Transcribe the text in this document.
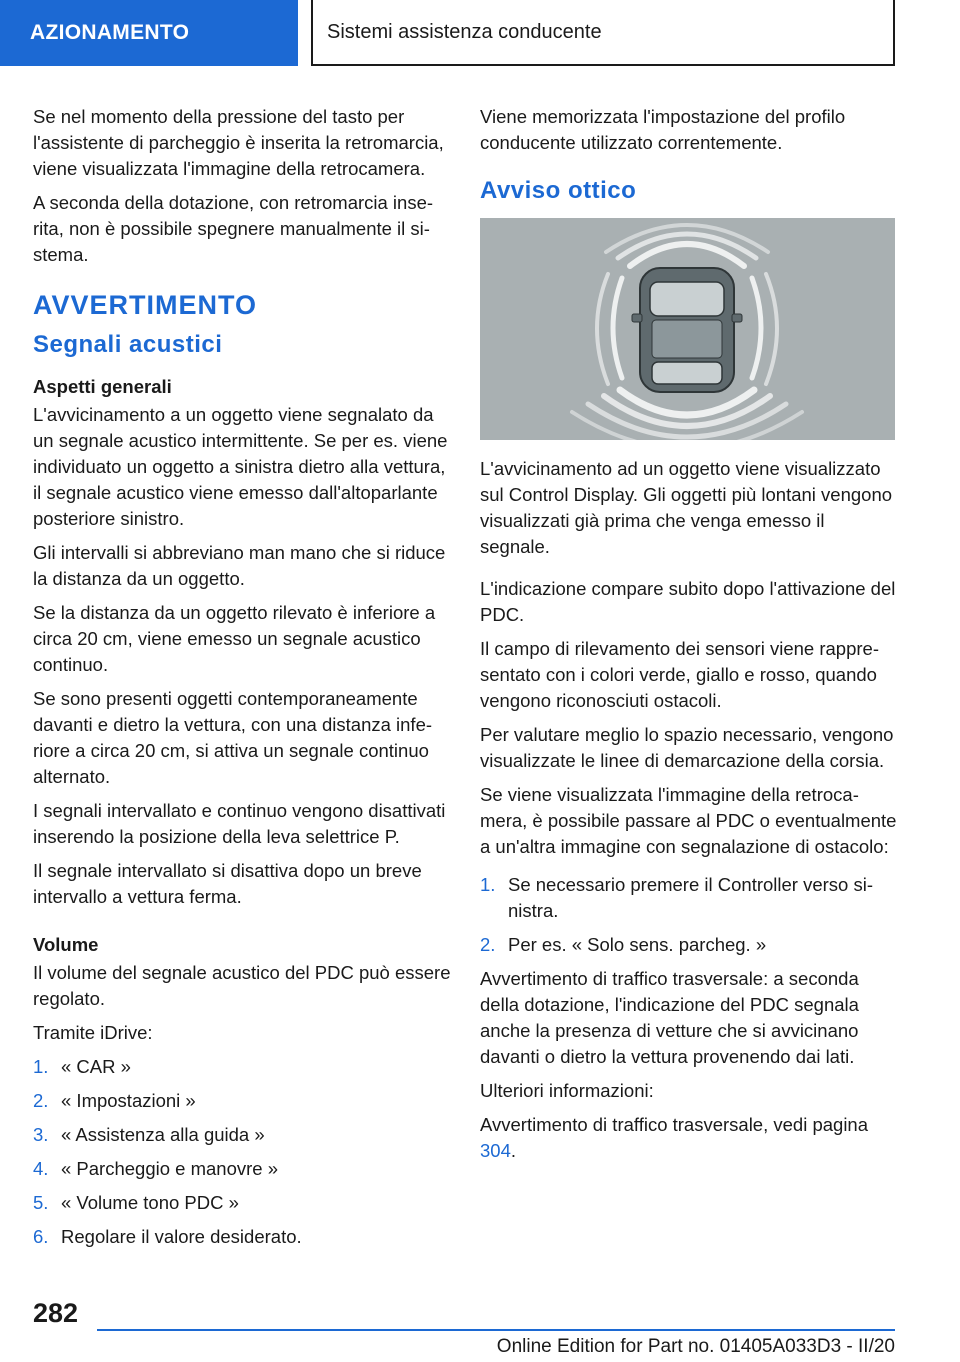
AZIONAMENTO	Sistemi assistenza conducente

Se nel momento della pressione del tasto per l'assistente di parcheggio è inserita la retromarcia, viene visualizzata l'immagine della retrocamera.

A seconda della dotazione, con retromarcia inserita, non è possibile spegnere manualmente il sistema.

AVVERTIMENTO
Segnali acustici
Aspetti generali

L'avvicinamento a un oggetto viene segnalato da un segnale acustico intermittente. Se per es. viene individuato un oggetto a sinistra dietro alla vettura, il segnale acustico viene emesso dall'altoparlante posteriore sinistro.

Gli intervalli si abbreviano man mano che si riduce la distanza da un oggetto.

Se la distanza da un oggetto rilevato è inferiore a circa 20 cm, viene emesso un segnale acustico continuo.

Se sono presenti oggetti contemporaneamente davanti e dietro la vettura, con una distanza inferiore a circa 20 cm, si attiva un segnale continuo alternato.

I segnali intervallato e continuo vengono disattivati inserendo la posizione della leva selettrice P.

Il segnale intervallato si disattiva dopo un breve intervallo a vettura ferma.

Volume

Il volume del segnale acustico del PDC può essere regolato.

Tramite iDrive:

1. « CAR »
2. « Impostazioni »
3. « Assistenza alla guida »
4. « Parcheggio e manovre »
5. « Volume tono PDC »
6. Regolare il valore desiderato.

Viene memorizzata l'impostazione del profilo conducente utilizzato correntemente.

Avviso ottico

L'avvicinamento ad un oggetto viene visualizzato sul Control Display. Gli oggetti più lontani vengono visualizzati già prima che venga emesso il segnale.

L'indicazione compare subito dopo l'attivazione del PDC.

Il campo di rilevamento dei sensori viene rappresentato con i colori verde, giallo e rosso, quando vengono riconosciuti ostacoli.

Per valutare meglio lo spazio necessario, vengono visualizzate le linee di demarcazione della corsia.

Se viene visualizzata l'immagine della retrocamera, è possibile passare al PDC o eventualmente a un'altra immagine con segnalazione di ostacolo:

1. Se necessario premere il Controller verso sinistra.
2. Per es. « Solo sens. parcheg. »

Avvertimento di traffico trasversale: a seconda della dotazione, l'indicazione del PDC segnala anche la presenza di vetture che si avvicinano davanti o dietro la vettura provenendo dai lati.

Ulteriori informazioni:

Avvertimento di traffico trasversale, vedi pagina 304.

282
Online Edition for Part no. 01405A033D3 - II/20
